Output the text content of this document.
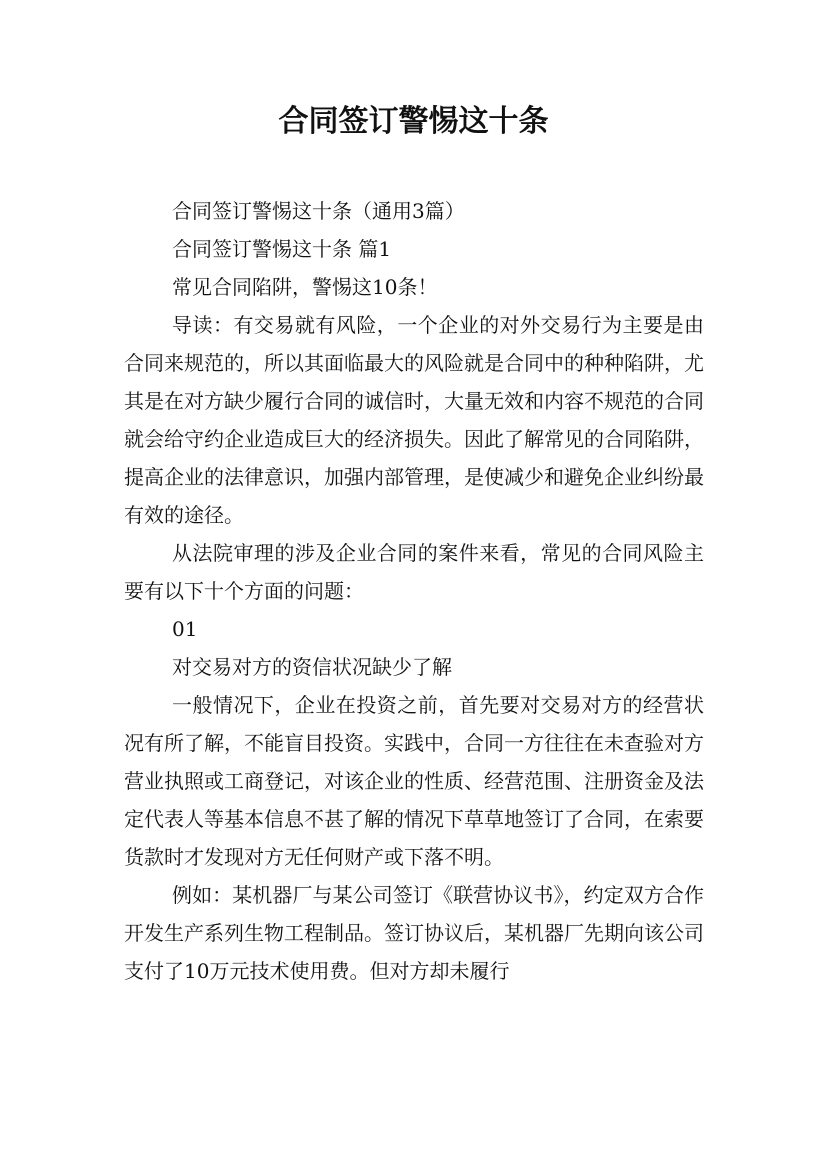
合同签订警惕这十条

合同签订警惕这十条（通用3篇）

合同签订警惕这十条 篇1

常见合同陷阱，警惕这10条！

导读：有交易就有风险，一个企业的对外交易行为主要是由合同来规范的，所以其面临最大的风险就是合同中的种种陷阱，尤其是在对方缺少履行合同的诚信时，大量无效和内容不规范的合同就会给守约企业造成巨大的经济损失。因此了解常见的合同陷阱，提高企业的法律意识，加强内部管理，是使减少和避免企业纠纷最有效的途径。

从法院审理的涉及企业合同的案件来看，常见的合同风险主要有以下十个方面的问题：

01

对交易对方的资信状况缺少了解

一般情况下，企业在投资之前，首先要对交易对方的经营状况有所了解，不能盲目投资。实践中，合同一方往往在未查验对方营业执照或工商登记，对该企业的性质、经营范围、注册资金及法定代表人等基本信息不甚了解的情况下草草地签订了合同，在索要货款时才发现对方无任何财产或下落不明。

例如：某机器厂与某公司签订《联营协议书》，约定双方合作开发生产系列生物工程制品。签订协议后，某机器厂先期向该公司支付了10万元技术使用费。但对方却未履行
